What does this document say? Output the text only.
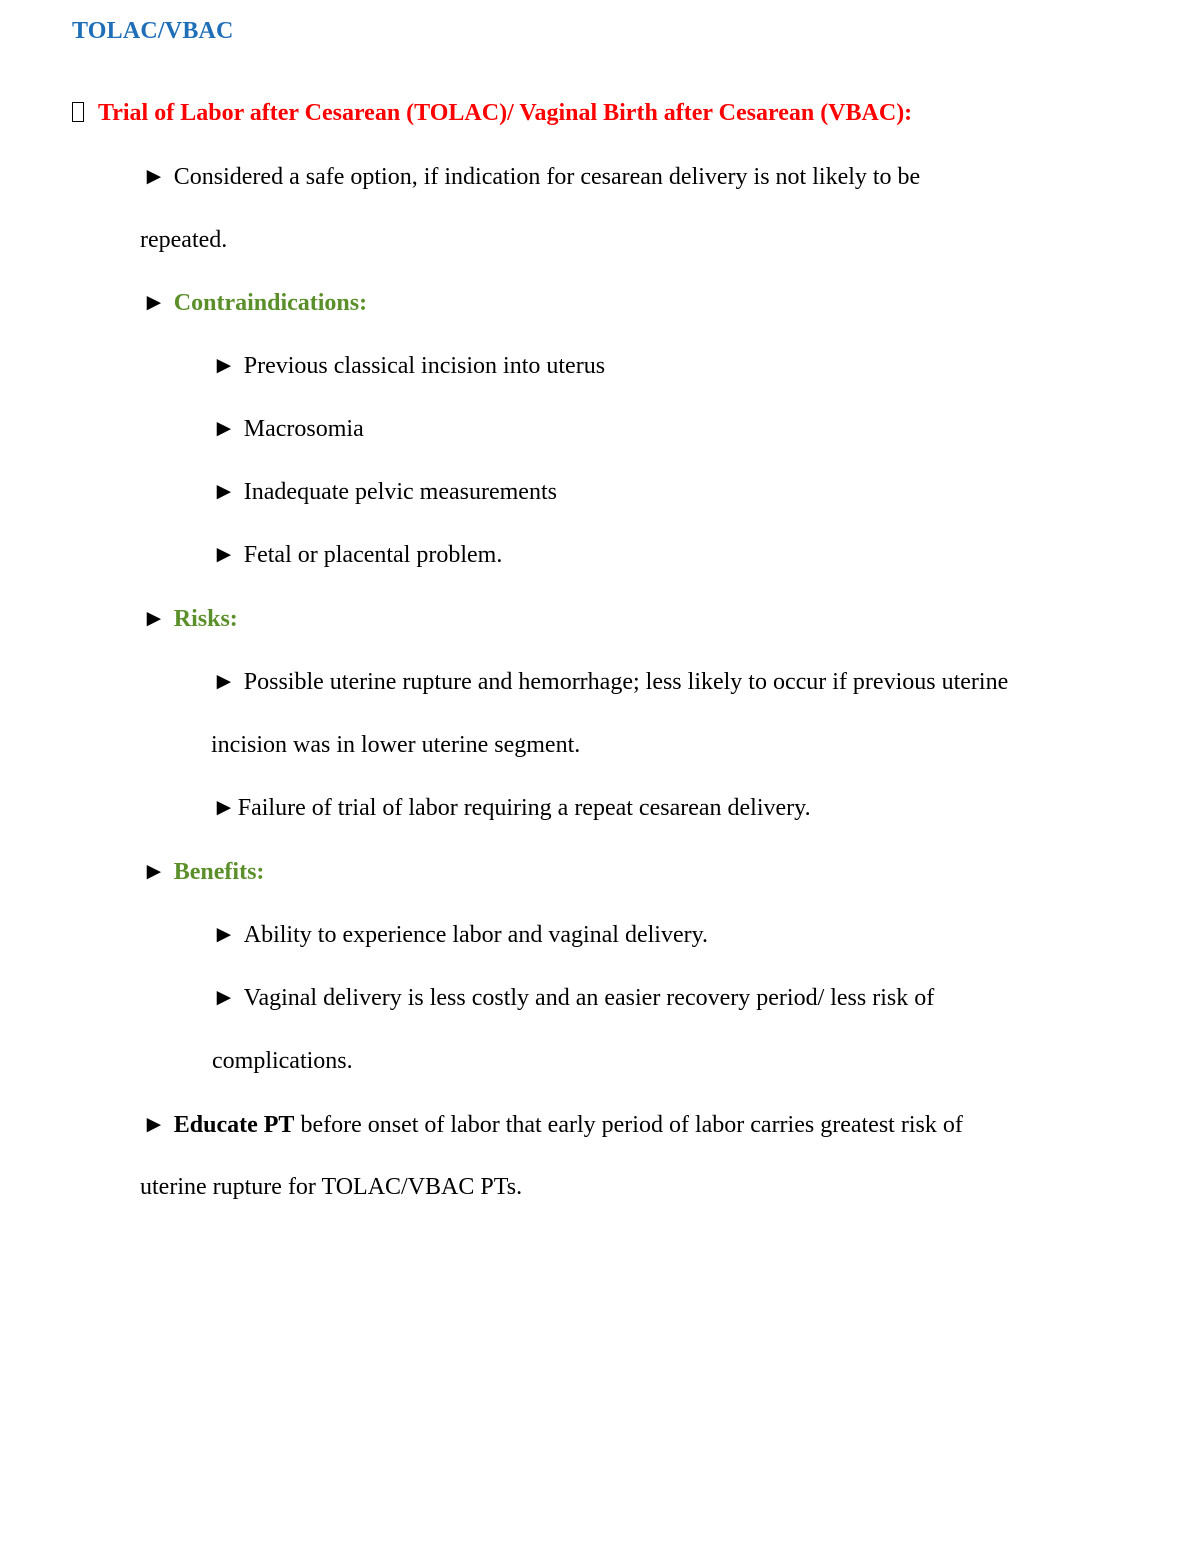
TOLAC/VBAC
Trial of Labor after Cesarean (TOLAC)/ Vaginal Birth after Cesarean (VBAC):
► Considered a safe option, if indication for cesarean delivery is not likely to be
repeated.
► Contraindications:
► Previous classical incision into uterus
► Macrosomia
► Inadequate pelvic measurements
► Fetal or placental problem.
► Risks:
► Possible uterine rupture and hemorrhage; less likely to occur if previous uterine
incision was in lower uterine segment.
►Failure of trial of labor requiring a repeat cesarean delivery.
► Benefits:
► Ability to experience labor and vaginal delivery.
► Vaginal delivery is less costly and an easier recovery period/ less risk of
complications.
► Educate PT before onset of labor that early period of labor carries greatest risk of
uterine rupture for TOLAC/VBAC PTs.
